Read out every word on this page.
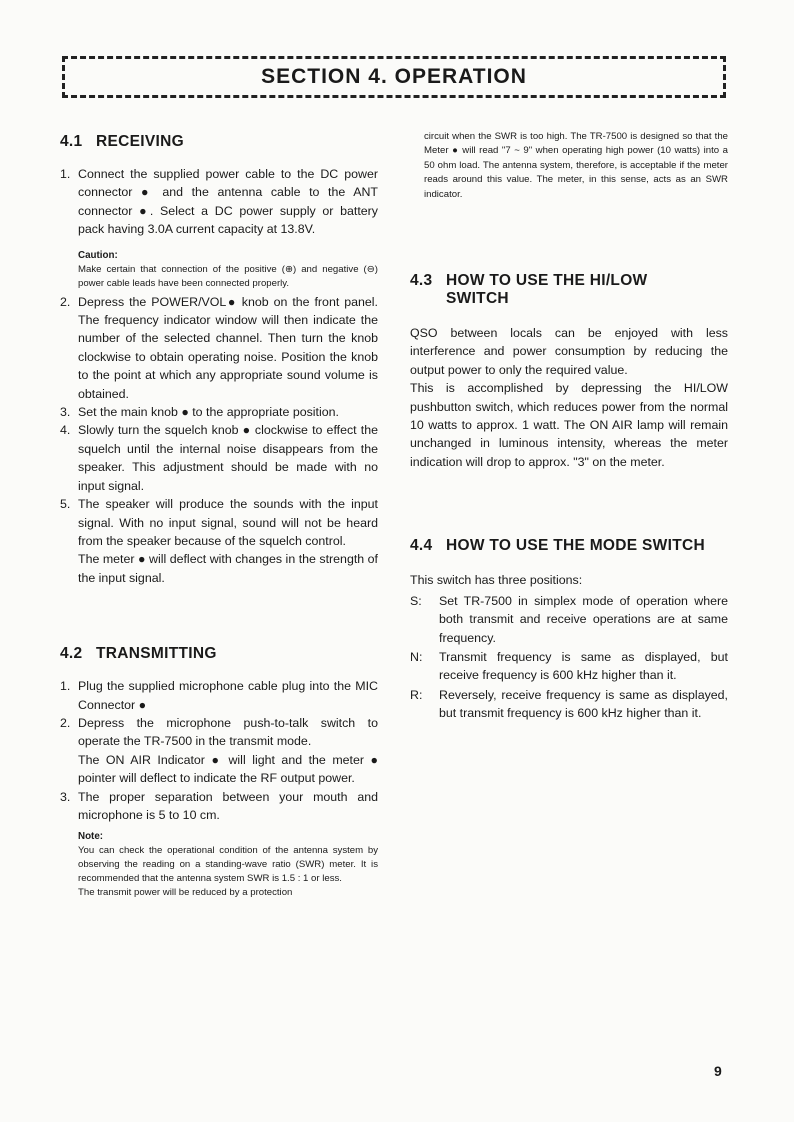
SECTION 4. OPERATION
4.1 RECEIVING
1. Connect the supplied power cable to the DC power connector ● and the antenna cable to the ANT connector ●. Select a DC power supply or battery pack having 3.0A current capacity at 13.8V.
Caution:
Make certain that connection of the positive (⊕) and negative (⊖) power cable leads have been connected properly.
2. Depress the POWER/VOL● knob on the front panel. The frequency indicator window will then indicate the number of the selected channel. Then turn the knob clockwise to obtain operating noise. Position the knob to the point at which any appropriate sound volume is obtained.
3. Set the main knob ● to the appropriate position.
4. Slowly turn the squelch knob ● clockwise to effect the squelch until the internal noise disappears from the speaker. This adjustment should be made with no input signal.
5. The speaker will produce the sounds with the input signal. With no input signal, sound will not be heard from the speaker because of the squelch control.
The meter ● will deflect with changes in the strength of the input signal.
4.2 TRANSMITTING
1. Plug the supplied microphone cable plug into the MIC Connector ●
2. Depress the microphone push-to-talk switch to operate the TR-7500 in the transmit mode.
The ON AIR Indicator ● will light and the meter ● pointer will deflect to indicate the RF output power.
3. The proper separation between your mouth and microphone is 5 to 10 cm.
Note:
You can check the operational condition of the antenna system by observing the reading on a standing-wave ratio (SWR) meter. It is recommended that the antenna system SWR is 1.5 : 1 or less.
The transmit power will be reduced by a protection
circuit when the SWR is too high. The TR-7500 is designed so that the Meter ● will read "7 ~ 9" when operating high power (10 watts) into a 50 ohm load. The antenna system, therefore, is acceptable if the meter reads around this value. The meter, in this sense, acts as an SWR indicator.
4.3 HOW TO USE THE HI/LOW
SWITCH

QSO between locals can be enjoyed with less interference and power consumption by reducing the output power to only the required value.

This is accomplished by depressing the HI/LOW pushbutton switch, which reduces power from the normal 10 watts to approx. 1 watt. The ON AIR lamp will remain unchanged in luminous intensity, whereas the meter indication will drop to approx. "3" on the meter.

4.4 HOW TO USE THE MODE SWITCH

This switch has three positions:

S: Set TR-7500 in simplex mode of operation where both transmit and receive operations are at same frequency.
N: Transmit frequency is same as displayed, but receive frequency is 600 kHz higher than it.
R: Reversely, receive frequency is same as displayed, but transmit frequency is 600 kHz higher than it.
9
